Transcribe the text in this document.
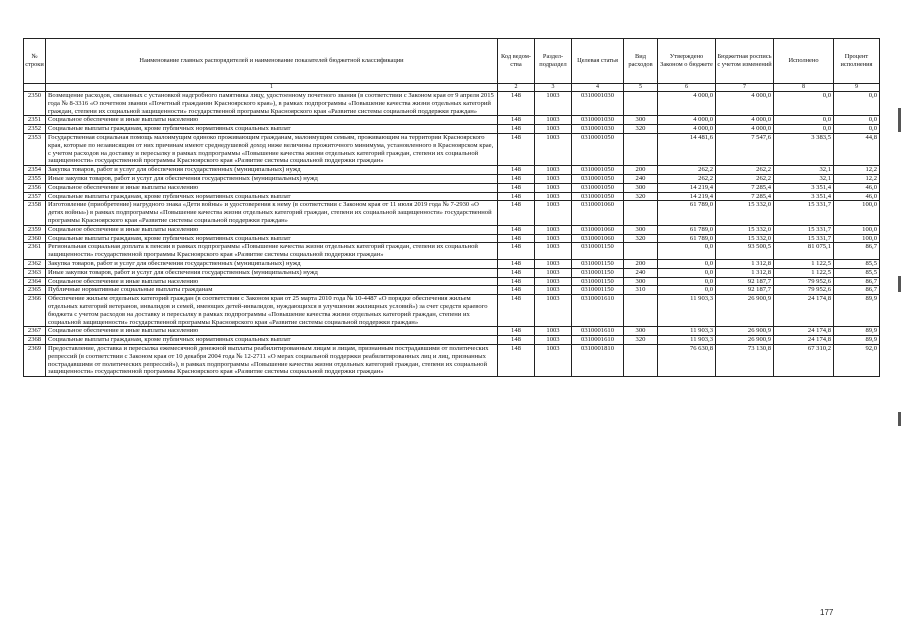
№ строки	Наименование главных распорядителей и наименование показателей бюджетной классификации	Код ведом- ства	Раздел- подраздел	Целевая статья	Вид расходов	Утверждено Законом о бюджете	Бюджетная роспись с учетом изменений	Исполнено	Процент исполнения
	1	2	3	4	5	6	7	8	9
2350	Возмещение расходов, связанных с установкой надгробного памятника лицу, удостоенному почетного звания (в соответствии с Законом края от 9 апреля 2015 года № 8-3316 «О почетном звании «Почетный гражданин Красноярского края»), в рамках подпрограммы «Повышение качества жизни отдельных категорий граждан, степени их социальной защищенности» государственной программы Красноярского края «Развитие системы социальной поддержки граждан»	148	1003	0310001030		4 000,0	4 000,0	0,0	0,0
2351	Социальное обеспечение и иные выплаты населению	148	1003	0310001030	300	4 000,0	4 000,0	0,0	0,0
2352	Социальные выплаты гражданам, кроме публичных нормативных социальных выплат	148	1003	0310001030	320	4 000,0	4 000,0	0,0	0,0
2353	Государственная социальная помощь малоимущим одиноко проживающим гражданам, малоимущим семьям, проживающим на территории Красноярского края, которые по независящим от них причинам имеют среднедушевой доход ниже величины прожиточного минимума, установленного в Красноярском крае, с учетом расходов на доставку и пересылку в рамках подпрограммы «Повышение качества жизни отдельных категорий граждан, степени их социальной защищенности» государственной программы Красноярского края «Развитие системы социальной поддержки граждан»	148	1003	0310001050		14 481,6	7 547,6	3 383,5	44,8
2354	Закупка товаров, работ и услуг для обеспечения государственных (муниципальных) нужд	148	1003	0310001050	200	262,2	262,2	32,1	12,2
2355	Иные закупки товаров, работ и услуг для обеспечения государственных (муниципальных) нужд	148	1003	0310001050	240	262,2	262,2	32,1	12,2
2356	Социальное обеспечение и иные выплаты населению	148	1003	0310001050	300	14 219,4	7 285,4	3 351,4	46,0
2357	Социальные выплаты гражданам, кроме публичных нормативных социальных выплат	148	1003	0310001050	320	14 219,4	7 285,4	3 351,4	46,0
2358	Изготовление (приобретение) нагрудного знака «Дети войны» и удостоверения к нему (в соответствии с Законом края от 11 июля 2019 года № 7-2930 «О детях войны») в рамках подпрограммы «Повышение качества жизни отдельных категорий граждан, степени их социальной защищенности» государственной программы Красноярского края «Развитие системы социальной поддержки граждан»	148	1003	0310001060		61 789,0	15 332,0	15 331,7	100,0
2359	Социальное обеспечение и иные выплаты населению	148	1003	0310001060	300	61 789,0	15 332,0	15 331,7	100,0
2360	Социальные выплаты гражданам, кроме публичных нормативных социальных выплат	148	1003	0310001060	320	61 789,0	15 332,0	15 331,7	100,0
2361	Региональная социальная доплата к пенсии в рамках подпрограммы «Повышение качества жизни отдельных категорий граждан, степени их социальной защищенности» государственной программы Красноярского края «Развитие системы социальной поддержки граждан»	148	1003	0310001150		0,0	93 500,5	81 075,1	86,7
2362	Закупка товаров, работ и услуг для обеспечения государственных (муниципальных) нужд	148	1003	0310001150	200	0,0	1 312,8	1 122,5	85,5
2363	Иные закупки товаров, работ и услуг для обеспечения государственных (муниципальных) нужд	148	1003	0310001150	240	0,0	1 312,8	1 122,5	85,5
2364	Социальное обеспечение и иные выплаты населению	148	1003	0310001150	300	0,0	92 187,7	79 952,6	86,7
2365	Публичные нормативные социальные выплаты гражданам	148	1003	0310001150	310	0,0	92 187,7	79 952,6	86,7
2366	Обеспечение жильем отдельных категорий граждан (в соответствии с Законом края от 25 марта 2010 года № 10-4487 «О порядке обеспечения жильем отдельных категорий ветеранов, инвалидов и семей, имеющих детей-инвалидов, нуждающихся в улучшении жилищных условий») за счет средств краевого бюджета с учетом расходов на доставку и пересылку в рамках подпрограммы «Повышение качества жизни отдельных категорий граждан, степени их социальной защищенности» государственной программы Красноярского края «Развитие системы социальной поддержки граждан»	148	1003	0310001610		11 903,3	26 900,9	24 174,8	89,9
2367	Социальное обеспечение и иные выплаты населению	148	1003	0310001610	300	11 903,3	26 900,9	24 174,8	89,9
2368	Социальные выплаты гражданам, кроме публичных нормативных социальных выплат	148	1003	0310001610	320	11 903,3	26 900,9	24 174,8	89,9
2369	Предоставление, доставка и пересылка ежемесячной денежной выплаты реабилитированным лицам и лицам, признанным пострадавшими от политических репрессий (в соответствии с Законом края от 10 декабря 2004 года № 12-2711 «О мерах социальной поддержки реабилитированных лиц и лиц, признанных пострадавшими от политических репрессий»), в рамках подпрограммы «Повышение качества жизни отдельных категорий граждан, степени их социальной защищенности» государственной программы Красноярского края «Развитие системы социальной поддержки граждан»	148	1003	0310001810		76 630,8	73 130,8	67 310,2	92,0
177
